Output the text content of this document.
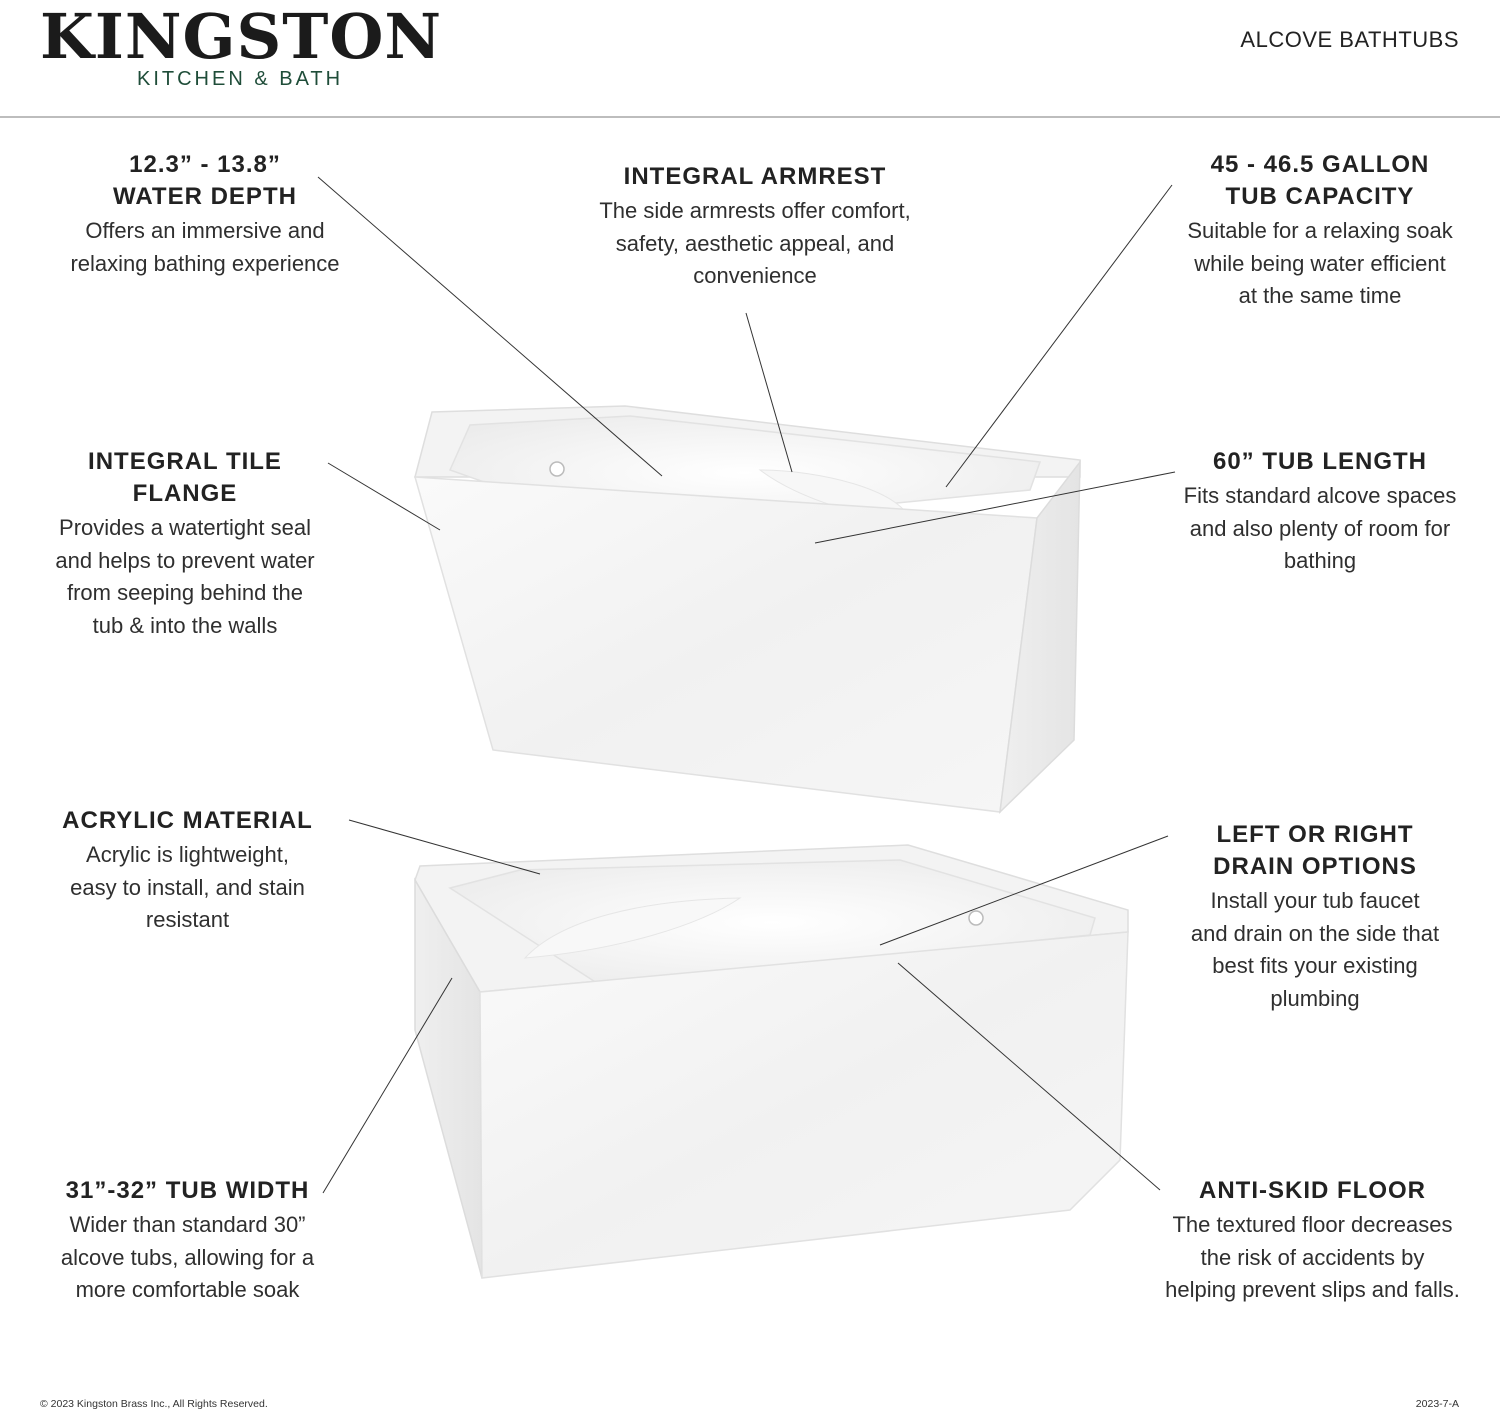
KINGSTON
KITCHEN & BATH
ALCOVE BATHTUBS
12.3” - 13.8”
WATER DEPTH
Offers an immersive and
relaxing bathing experience
INTEGRAL ARMREST
The side armrests offer comfort,
safety, aesthetic appeal, and
convenience
45 - 46.5 GALLON
TUB CAPACITY
Suitable for a relaxing soak
while being water efficient
at the same time
INTEGRAL TILE
FLANGE
Provides a watertight seal
and helps to prevent water
from seeping behind the
tub & into the walls
60” TUB LENGTH
Fits standard alcove spaces
and also plenty of room for
bathing
ACRYLIC MATERIAL
Acrylic is lightweight,
easy to install, and stain
resistant
LEFT OR RIGHT
DRAIN OPTIONS
Install your tub faucet
and drain on the side that
best fits your existing
plumbing
31”-32” TUB WIDTH
Wider than standard 30”
alcove tubs, allowing for a
more comfortable soak
ANTI-SKID FLOOR
The textured floor decreases
the risk of accidents by
helping prevent slips and falls.
© 2023 Kingston Brass Inc., All Rights Reserved.	2023-7-A
